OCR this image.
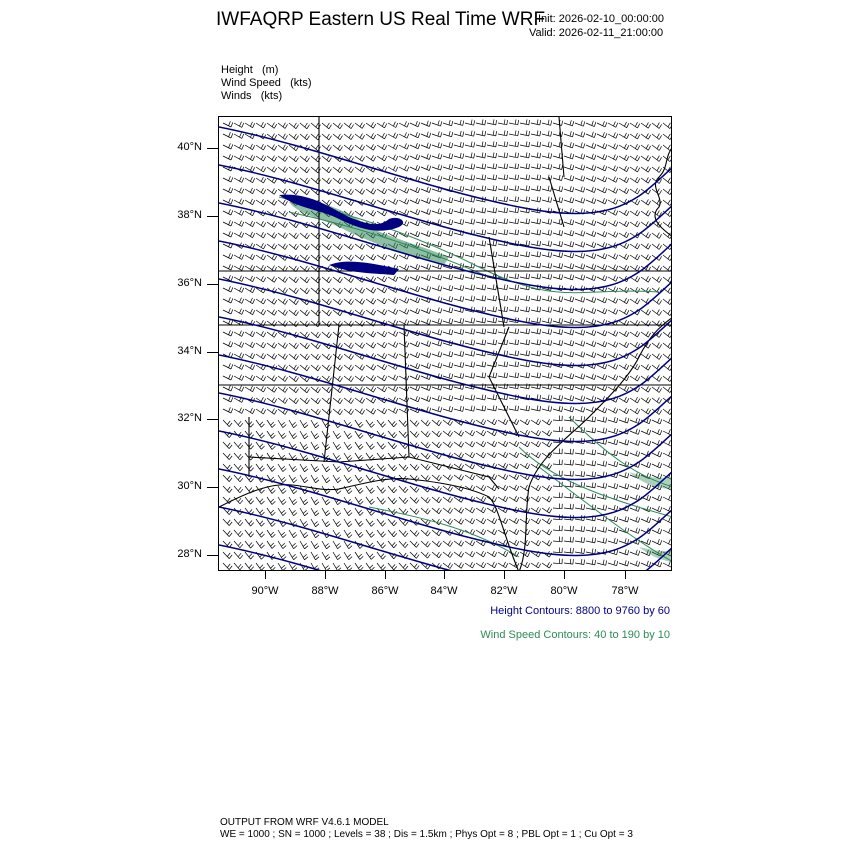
IWFAQRP Eastern US Real Time WRF
Init: 2026-02-10_00:00:00
Valid: 2026-02-11_21:00:00
Height (m)
Wind Speed (kts)
Winds (kts)
40°N
38°N
36°N
34°N
32°N
30°N
28°N
90°W	88°W	86°W	84°W	82°W	80°W	78°W
Height Contours: 8800 to 9760 by 60
Wind Speed Contours: 40 to 190 by 10
OUTPUT FROM WRF V4.6.1 MODEL
WE = 1000 ; SN = 1000 ; Levels = 38 ; Dis = 1.5km ; Phys Opt = 8 ; PBL Opt = 1 ; Cu Opt = 3
